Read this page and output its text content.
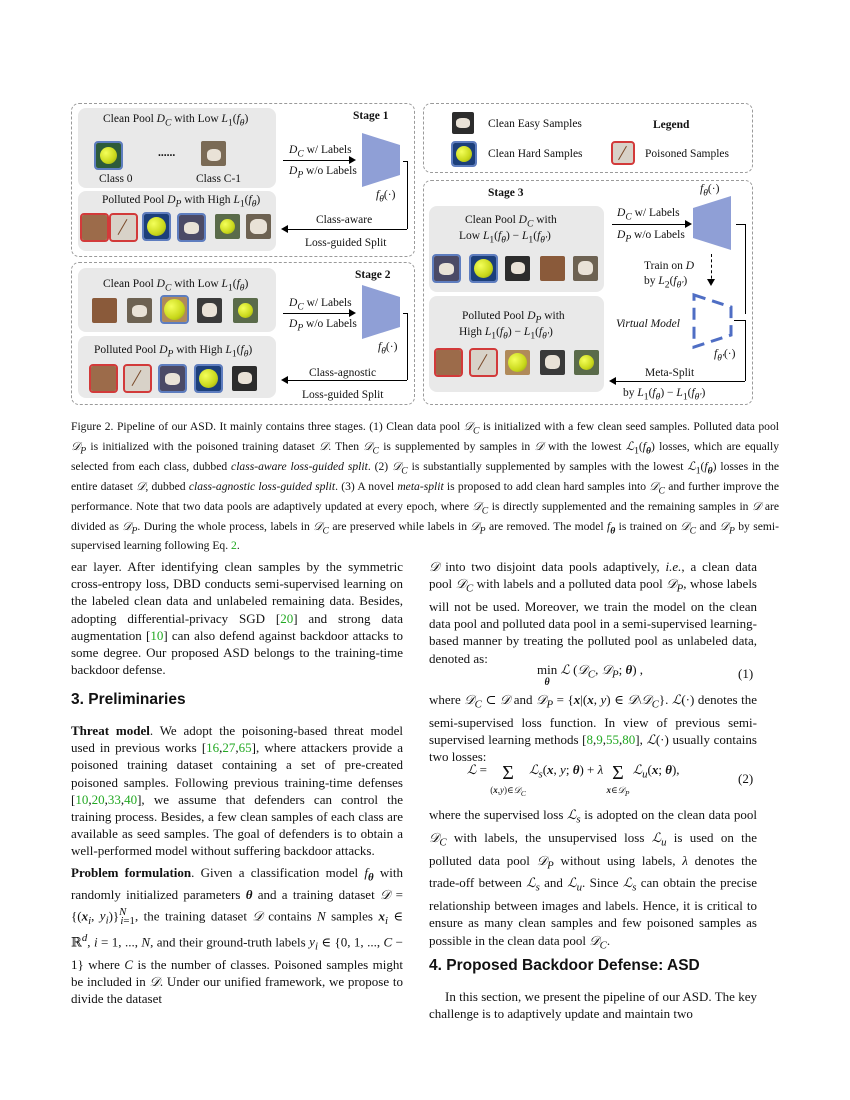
Stage 1
Clean Pool $D_C$ with Low $L_1(f_\theta)$
Class 0
......
Class C-1
Polluted Pool $D_P$ with High $L_1(f_\theta)$
$D_C$ w/ Labels
$D_P$ w/o Labels
$f_\theta(\cdot)$
Class-aware
Loss-guided Split
Clean Easy Samples	Legend
Clean Hard Samples	Poisoned Samples
Stage 2
Clean Pool $D_C$ with Low $L_1(f_\theta)$
Polluted Pool $D_P$ with High $L_1(f_\theta)$
$D_C$ w/ Labels
$D_P$ w/o Labels
$f_\theta(\cdot)$
Class-agnostic
Loss-guided Split
Stage 3
Clean Pool $D_C$ with
Low $L_1(f_\theta) - L_1(f_{\theta'})$
Polluted Pool $D_P$ with
High $L_1(f_\theta) - L_1(f_{\theta'})$
$D_C$ w/ Labels
$D_P$ w/o Labels
$f_\theta(\cdot)$
Train on D
by $L_2(f_{\theta'})$
Virtual Model
$f_{\theta'}(\cdot)$
Meta-Split
by $L_1(f_\theta) - L_1(f_{\theta'})$
Figure 2. Pipeline of our ASD. It mainly contains three stages. (1) Clean data pool 𝒟$_C$ is initialized with a few clean seed samples. Polluted data pool 𝒟$_P$ is initialized with the poisoned training dataset 𝒟. Then 𝒟$_C$ is supplemented by samples in 𝒟 with the lowest $ℒ_1(f_\theta)$ losses, which are equally selected from each class, dubbed class-aware loss-guided split. (2) 𝒟$_C$ is substantially supplemented by samples with the lowest $ℒ_1(f_\theta)$ losses in the entire dataset 𝒟, dubbed class-agnostic loss-guided split. (3) A novel meta-split is proposed to add clean hard samples into 𝒟$_C$ and further improve the performance. Note that two data pools are adaptively updated at every epoch, where 𝒟$_C$ is directly supplemented and the remaining samples in 𝒟 are divided as 𝒟$_P$. During the whole process, labels in 𝒟$_C$ are preserved while labels in 𝒟$_P$ are removed. The model $f_\theta$ is trained on 𝒟$_C$ and 𝒟$_P$ by semi-supervised learning following Eq. 2.

ear layer. After identifying clean samples by the symmetric cross-entropy loss, DBD conducts semi-supervised learning on the labeled clean data and unlabeled remaining data. Besides, adopting differential-privacy SGD [20] and strong data augmentation [10] can also defend against backdoor attacks to some degree. Our proposed ASD belongs to the training-time backdoor defense.

3. Preliminaries

Threat model. We adopt the poisoning-based threat model used in previous works [16,27,65], where attackers provide a poisoned training dataset containing a set of pre-created poisoned samples. Following previous training-time defenses [10,20,33,40], we assume that defenders can control the training process. Besides, a few clean samples of each class are available as seed samples. The goal of defenders is to obtain a well-performed model without suffering backdoor attacks.

Problem formulation. Given a classification model $f_\theta$ with randomly initialized parameters θ and a training dataset 𝒟 = {($x_i$, $y_i)\}^N_{i=1}$, the training dataset 𝒟 contains N samples $x_i$ ∈ ℝ$^d$, i = 1, ..., N, and their ground-truth labels $y_i$ ∈ {0, 1, ..., C − 1} where C is the number of classes. Poisoned samples might be included in 𝒟. Under our unified framework, we propose to divide the dataset

𝒟 into two disjoint data pools adaptively, i.e., a clean data pool 𝒟$_C$ with labels and a polluted data pool 𝒟$_P$, whose labels will not be used. Moreover, we train the model on the clean data pool and polluted data pool in a semi-supervised learning-based manner by treating the polluted pool as unlabeled data, denoted as:

min
$^\theta$ ℒ (𝒟$_C$, 𝒟$_P$; θ) ,	(1)

where 𝒟$_C$ ⊂ 𝒟 and 𝒟$_P$ = {x|(x, y) ∈ 𝒟\𝒟$_C$}. ℒ(·) denotes the semi-supervised loss function. In view of previous semi-supervised learning methods [8,9,55,80], ℒ(·) usually contains two losses:

ℒ = Σ
$^{(x,y)\in 𝒟_C}$ ℒ$_s$(x, y; θ) + λ Σ
$^{x\in 𝒟_P}$ ℒ$_u$(x; θ),
(2)

where the supervised loss ℒ$_s$ is adopted on the clean data pool 𝒟$_C$ with labels, the unsupervised loss ℒ$_u$ is used on the polluted data pool 𝒟$_P$ without using labels, λ denotes the trade-off between ℒ$_s$ and ℒ$_u$. Since ℒ$_s$ can obtain the precise relationship between images and labels. Hence, it is critical to ensure as many clean samples and few poisoned samples as possible in the clean data pool 𝒟$_C$.

4. Proposed Backdoor Defense: ASD

In this section, we present the pipeline of our ASD. The key challenge is to adaptively update and maintain two
